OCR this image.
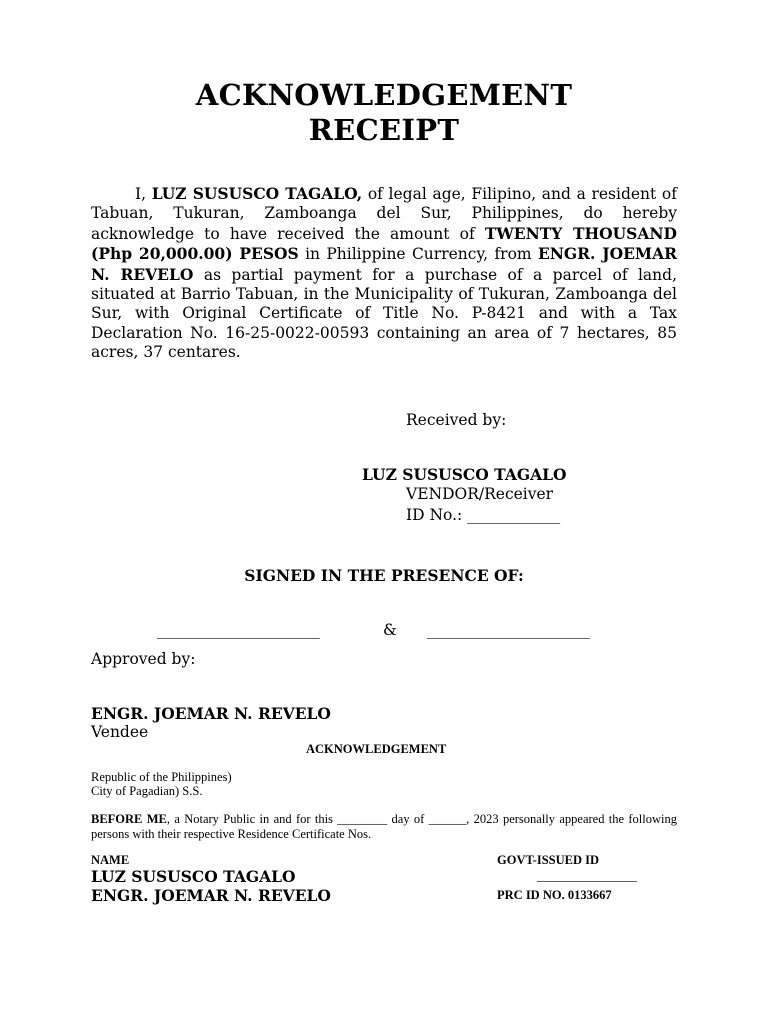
ACKNOWLEDGEMENT
RECEIPT
I, LUZ SUSUSCO TAGALO, of legal age, Filipino, and a resident of Tabuan, Tukuran, Zamboanga del Sur, Philippines, do hereby acknowledge to have received the amount of TWENTY THOUSAND (Php 20,000.00) PESOS in Philippine Currency, from ENGR. JOEMAR N. REVELO as partial payment for a purchase of a parcel of land, situated at Barrio Tabuan, in the Municipality of Tukuran, Zamboanga del Sur, with Original Certificate of Title No. P-8421 and with a Tax Declaration No. 16-25-0022-00593 containing an area of 7 hectares, 85 acres, 37 centares.
Received by:
LUZ SUSUSCO TAGALO
VENDOR/Receiver
ID No.: ____________
SIGNED IN THE PRESENCE OF:
_____________________	& _____________________
Approved by:
ENGR. JOEMAR N. REVELO
Vendee
ACKNOWLEDGEMENT
Republic of the Philippines)
City of Pagadian) S.S.
BEFORE ME, a Notary Public in and for this ________ day of ______, 2023 personally appeared the following persons with their respective Residence Certificate Nos.
NAME	GOVT-ISSUED ID
LUZ SUSUSCO TAGALO	________________
ENGR. JOEMAR N. REVELO	PRC ID NO. 0133667
